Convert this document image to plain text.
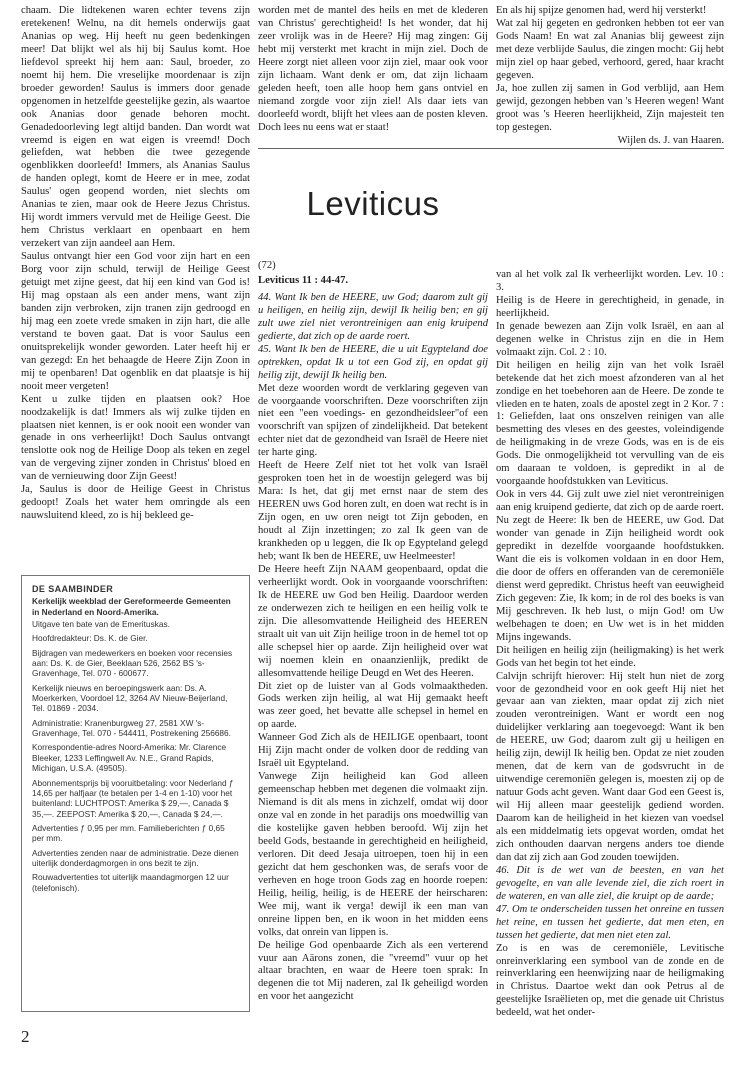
chaam. Die lidtekenen waren echter tevens zijn eretekenen! Welnu, na dit hemels onderwijs gaat Ananias op weg. Hij heeft nu geen bedenkingen meer! Dat blijkt wel als hij bij Saulus komt. Hoe liefdevol spreekt hij hem aan: Saul, broeder, zo noemt hij hem. Die vreselijke moordenaar is zijn broeder geworden! Saulus is immers door genade opgenomen in hetzelfde geestelijke gezin, als waartoe ook Ananias door genade behoren mocht. Genadedoorleving legt altijd banden. Dan wordt wat vreemd is eigen en wat eigen is vreemd! Doch geliefden, wat hebben die twee gezegende ogenblikken doorleefd! Immers, als Ananias Saulus de handen oplegt, komt de Heere er in mee, zodat Saulus' ogen geopend worden, niet slechts om Ananias te zien, maar ook de Heere Jezus Christus. Hij wordt immers vervuld met de Heilige Geest. Die hem Christus verklaart en openbaart en hem verzekert van zijn aandeel aan Hem.

Saulus ontvangt hier een God voor zijn hart en een Borg voor zijn schuld, terwijl de Heilige Geest getuigt met zijne geest, dat hij een kind van God is! Hij mag opstaan als een ander mens, want zijn banden zijn verbroken, zijn tranen zijn gedroogd en hij mag een zoete vrede smaken in zijn hart, die alle verstand te boven gaat. Dat is voor Saulus een onuitsprekelijk wonder geworden. Later heeft hij er van gezegd: En het behaagde de Heere Zijn Zoon in mij te openbaren! Dat ogenblik en dat plaatsje is hij nooit meer vergeten!

Kent u zulke tijden en plaatsen ook? Hoe noodzakelijk is dat! Immers als wij zulke tijden en plaatsen niet kennen, is er ook nooit een wonder van genade in ons verheerlijkt! Doch Saulus ontvangt tenslotte ook nog de Heilige Doop als teken en zegel van de vergeving zijner zonden in Christus' bloed en van de vernieuwing door Zijn Geest!

Ja, Saulus is door de Heilige Geest in Christus gedoopt! Zoals het water hem omringde als een nauwsluitend kleed, zo is hij bekleed ge-

worden met de mantel des heils en met de klederen van Christus' gerechtigheid! Is het wonder, dat hij zeer vrolijk was in de Heere? Hij mag zingen: Gij hebt mij versterkt met kracht in mijn ziel. Doch de Heere zorgt niet alleen voor zijn ziel, maar ook voor zijn lichaam. Want denk er om, dat zijn lichaam geleden heeft, toen alle hoop hem gans ontviel en niemand zorgde voor zijn ziel! Als daar iets van doorleefd wordt, blijft het vlees aan de posten kleven. Doch lees nu eens wat er staat!

En als hij spijze genomen had, werd hij versterkt!

Wat zal hij gegeten en gedronken hebben tot eer van Gods Naam! En wat zal Ananias blij geweest zijn met deze verblijde Saulus, die zingen mocht: Gij hebt mijn ziel op haar gebed, verhoord, gered, haar kracht gegeven.

Ja, hoe zullen zij samen in God verblijd, aan Hem gewijd, gezongen hebben van 's Heeren wegen! Want groot was 's Heeren heerlijkheid, Zijn majesteit ten top gestegen.

Wijlen ds. J. van Haaren.

Leviticus

(72)

Leviticus 11 : 44-47.

44. Want Ik ben de HEERE, uw God; daarom zult gij u heiligen, en heilig zijn, dewijl Ik heilig ben; en gij zult uwe ziel niet verontreinigen aan enig kruipend gedierte, dat zich op de aarde roert.

45. Want Ik ben de HEERE, die u uit Egypteland doe optrekken, opdat Ik u tot een God zij, en opdat gij heilig zijt, dewijl Ik heilig ben.

Met deze woorden wordt de verklaring gegeven van de voorgaande voorschriften. Deze voorschriften zijn niet een "een voedings- en gezondheidsleer"of een voorschrift van spijzen of zindelijkheid. Dat betekent echter niet dat de gezondheid van Israël de Heere niet ter harte ging.

Heeft de Heere Zelf niet tot het volk van Israël gesproken toen het in de woestijn gelegerd was bij Mara: Is het, dat gij met ernst naar de stem des HEEREN uws God horen zult, en doen wat recht is in Zijn ogen, en uw oren neigt tot Zijn geboden, en houdt al Zijn inzettingen; zo zal Ik geen van de krankheden op u leggen, die Ik op Egypteland gelegd heb; want Ik ben de HEERE, uw Heelmeester!

De Heere heeft Zijn NAAM geopenbaard, opdat die verheerlijkt wordt. Ook in voorgaande voorschriften: Ik de HEERE uw God ben Heilig. Daardoor werden ze onderwezen zich te heiligen en een heilig volk te zijn. Die allesomvattende Heiligheid des HEEREN straalt uit van uit Zijn heilige troon in de hemel tot op alle schepsel hier op aarde. Zijn heiligheid over wat wij noemen klein en onaanzienlijk, predikt de allesomvattende heilige Deugd en Wet des Heeren.

Dit ziet op de luister van al Gods volmaaktheden. Gods werken zijn heilig, al wat Hij gemaakt heeft was zeer goed, het bevatte alle schepsel in hemel en op aarde.

Wanneer God Zich als de HEILIGE openbaart, toont Hij Zijn macht onder de volken door de redding van Israël uit Egypteland.

Vanwege Zijn heiligheid kan God alleen gemeenschap hebben met degenen die volmaakt zijn. Niemand is dit als mens in zichzelf, omdat wij door onze val en zonde in het paradijs ons moedwillig van die kostelijke gaven hebben beroofd. Wij zijn het beeld Gods, bestaande in gerechtigheid en heiligheid, verloren. Dit deed Jesaja uitroepen, toen hij in een gezicht dat hem geschonken was, de serafs voor de verheven en hoge troon Gods zag en hoorde roepen: Heilig, heilig, heilig, is de HEERE der heirscharen: Wee mij, want ik verga! dewijl ik een man van onreine lippen ben, en ik woon in het midden eens volks, dat onrein van lippen is.

De heilige God openbaarde Zich als een verterend vuur aan Aärons zonen, die "vreemd" vuur op het altaar brachten, en waar de Heere toen sprak: In degenen die tot Mij naderen, zal Ik geheiligd worden en voor het aangezicht

van al het volk zal Ik verheerlijkt worden. Lev. 10 : 3.

Heilig is de Heere in gerechtigheid, in genade, in heerlijkheid.

In genade bewezen aan Zijn volk Israël, en aan al degenen welke in Christus zijn en die in Hem volmaakt zijn. Col. 2 : 10.

Dit heiligen en heilig zijn van het volk Israël betekende dat het zich moest afzonderen van al het zondige en het toebehoren aan de Heere. De zonde te vlieden en te haten, zoals de apostel zegt in 2 Kor. 7 : 1: Geliefden, laat ons onszelven reinigen van alle besmetting des vleses en des geestes, voleindigende de heiligmaking in de vreze Gods, was en is de eis Gods. Die onmogelijkheid tot vervulling van de eis om daaraan te voldoen, is gepredikt in al de voorgaande hoofdstukken van Leviticus.

Ook in vers 44. Gij zult uwe ziel niet verontreinigen aan enig kruipend gedierte, dat zich op de aarde roert.

Nu zegt de Heere: Ik ben de HEERE, uw God. Dat wonder van genade in Zijn heiligheid wordt ook gepredikt in dezelfde voorgaande hoofdstukken. Want die eis is volkomen voldaan in en door Hem, die door de offers en offeranden van de ceremoniële dienst werd gepredikt. Christus heeft van eeuwigheid Zich gegeven: Zie, Ik kom; in de rol des boeks is van Mij geschreven. Ik heb lust, o mijn God! om Uw welbehagen te doen; en Uw wet is in het midden Mijns ingewands.

Dit heiligen en heilig zijn (heiligmaking) is het werk Gods van het begin tot het einde.

Calvijn schrijft hierover: Hij stelt hun niet de zorg voor de gezondheid voor en ook geeft Hij niet het gevaar aan van ziekten, maar opdat zij zich niet zouden verontreinigen. Want er wordt een nog duidelijker verklaring aan toegevoegd: Want ik ben de HEERE, uw God; daarom zult gij u heiligen en heilig zijn, dewijl Ik heilig ben. Opdat ze niet zouden menen, dat de kern van de godsvrucht in de uitwendige ceremoniën gelegen is, moesten zij op de natuur Gods acht geven. Want daar God een Geest is, wil Hij alleen maar geestelijk gediend worden. Daarom kan de heiligheid in het kiezen van voedsel als een middelmatig iets opgevat worden, omdat het zich onthouden daarvan nergens anders toe diende dan dat zij zich aan God zouden toewijden.

46. Dit is de wet van de beesten, en van het gevogelte, en van alle levende ziel, die zich roert in de wateren, en van alle ziel, die kruipt op de aarde;

47. Om te onderscheiden tussen het onreine en tussen het reine, en tussen het gedierte, dat men eten, en tussen het gedierte, dat men niet eten zal.

Zo is en was de ceremoniële, Levitische onreinverklaring een symbool van de zonde en de reinverklaring een heenwijzing naar de heiligmaking in Christus. Daartoe wekt dan ook Petrus al de geestelijke Israëlieten op, met die genade uit Christus bedeeld, wat het onder-

DE SAAMBINDER

Kerkelijk weekblad der Gereformeerde Gemeenten in Nederland en Noord-Amerika.

Uitgave ten bate van de Emerituskas.

Hoofdredakteur: Ds. K. de Gier.

Bijdragen van medewerkers en boeken voor recensies aan: Ds. K. de Gier, Beeklaan 526, 2562 BS 's-Gravenhage, Tel. 070 - 600677.

Kerkelijk nieuws en beroepingswerk aan: Ds. A. Moerkerken, Voordoel 12, 3264 AV Nieuw-Beijerland, Tel. 01869 - 2034.

Administratie: Kranenburgweg 27, 2581 XW 's-Gravenhage, Tel. 070 - 544411, Postrekening 256686.

Korrespondentie-adres Noord-Amerika: Mr. Clarence Bleeker, 1233 Leffingwell Av. N.E., Grand Rapids, Michigan, U.S.A. (49505).

Abonnementsprijs bij vooruitbetaling: voor Nederland ƒ 14,65 per halfjaar (te betalen per 1-4 en 1-10) voor het buitenland: LUCHTPOST: Amerika $ 29,—, Canada $ 35,—. ZEEPOST: Amerika $ 20,—, Canada $ 24,—.

Advertenties ƒ 0,95 per mm. Familieberichten ƒ 0,65 per mm.

Advertenties zenden naar de administratie. Deze dienen uiterlijk donderdagmorgen in ons bezit te zijn.

Rouwadvertenties tot uiterlijk maandagmorgen 12 uur (telefonisch).

2
